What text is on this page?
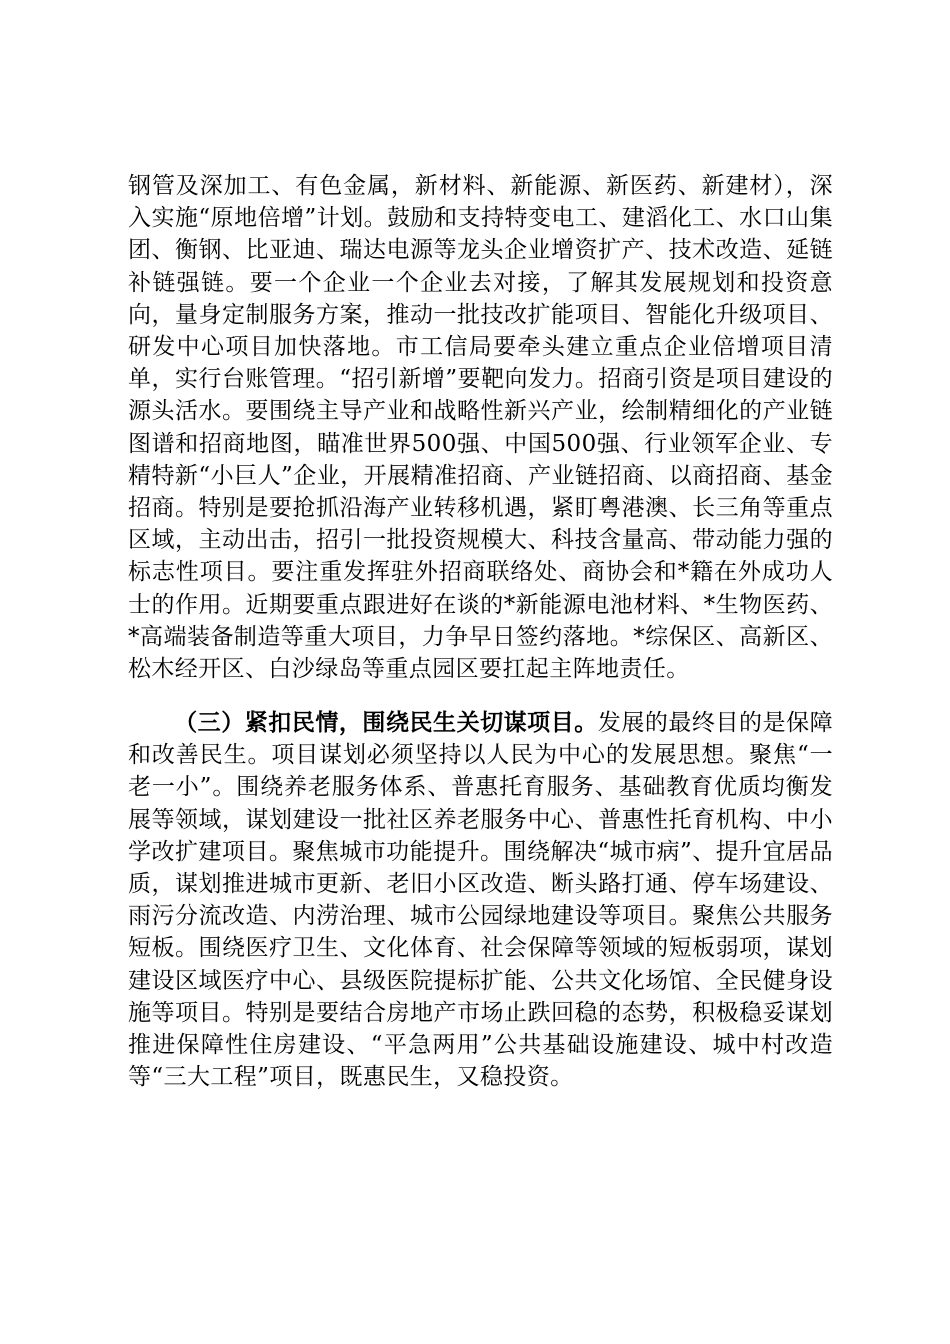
钢管及深加工、有色金属，新材料、新能源、新医药、新建材），深入实施“原地倍增”计划。鼓励和支持特变电工、建滔化工、水口山集团、衡钢、比亚迪、瑞达电源等龙头企业增资扩产、技术改造、延链补链强链。要一个企业一个企业去对接，了解其发展规划和投资意向，量身定制服务方案，推动一批技改扩能项目、智能化升级项目、研发中心项目加快落地。市工信局要牵头建立重点企业倍增项目清单，实行台账管理。“招引新增”要靶向发力。招商引资是项目建设的源头活水。要围绕主导产业和战略性新兴产业，绘制精细化的产业链图谱和招商地图，瞄准世界500强、中国500强、行业领军企业、专精特新“小巨人”企业，开展精准招商、产业链招商、以商招商、基金招商。特别是要抢抓沿海产业转移机遇，紧盯粤港澳、长三角等重点区域，主动出击，招引一批投资规模大、科技含量高、带动能力强的标志性项目。要注重发挥驻外招商联络处、商协会和*籍在外成功人士的作用。近期要重点跟进好在谈的*新能源电池材料、*生物医药、*高端装备制造等重大项目，力争早日签约落地。*综保区、高新区、松木经开区、白沙绿岛等重点园区要扛起主阵地责任。

（三）紧扣民情，围绕民生关切谋项目。发展的最终目的是保障和改善民生。项目谋划必须坚持以人民为中心的发展思想。聚焦“一老一小”。围绕养老服务体系、普惠托育服务、基础教育优质均衡发展等领域，谋划建设一批社区养老服务中心、普惠性托育机构、中小学改扩建项目。聚焦城市功能提升。围绕解决“城市病”、提升宜居品质，谋划推进城市更新、老旧小区改造、断头路打通、停车场建设、雨污分流改造、内涝治理、城市公园绿地建设等项目。聚焦公共服务短板。围绕医疗卫生、文化体育、社会保障等领域的短板弱项，谋划建设区域医疗中心、县级医院提标扩能、公共文化场馆、全民健身设施等项目。特别是要结合房地产市场止跌回稳的态势，积极稳妥谋划推进保障性住房建设、“平急两用”公共基础设施建设、城中村改造等“三大工程”项目，既惠民生，又稳投资。
